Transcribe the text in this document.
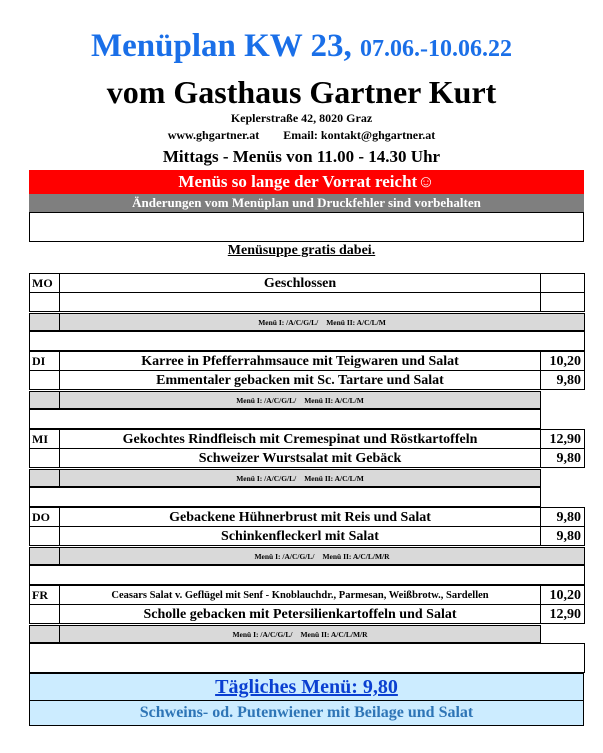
Menüplan KW 23, 07.06.-10.06.22
vom Gasthaus Gartner Kurt
Keplerstraße 42, 8020 Graz
www.ghgartner.at Email: kontakt@ghgartner.at
Mittags - Menüs von 11.00 - 14.30 Uhr
Menüs so lange der Vorrat reicht☺
Änderungen vom Menüplan und Druckfehler sind vorbehalten
Menüsuppe gratis dabei.
MO	Geschlossen
Menü I: /A/C/G/L/ Menü II: A/C/L/M
DI	Karree in Pfefferrahmsauce mit Teigwaren und Salat	10,20
Emmentaler gebacken mit Sc. Tartare und Salat	9,80
Menü I: /A/C/G/L/ Menü II: A/C/L/M
MI	Gekochtes Rindfleisch mit Cremespinat und Röstkartoffeln	12,90
Schweizer Wurstsalat mit Gebäck	9,80
Menü I: /A/C/G/L/ Menü II: A/C/L/M
DO	Gebackene Hühnerbrust mit Reis und Salat	9,80
Schinkenfleckerl mit Salat	9,80
Menü I: /A/C/G/L/ Menü II: A/C/L/M/R
FR	Ceasars Salat v. Geflügel mit Senf - Knoblauchdr., Parmesan, Weißbrotw., Sardellen	10,20
Scholle gebacken mit Petersilienkartoffeln und Salat	12,90
Menü I: /A/C/G/L/ Menü II: A/C/L/M/R
Tägliches Menü: 9,80
Schweins- od. Putenwiener mit Beilage und Salat
